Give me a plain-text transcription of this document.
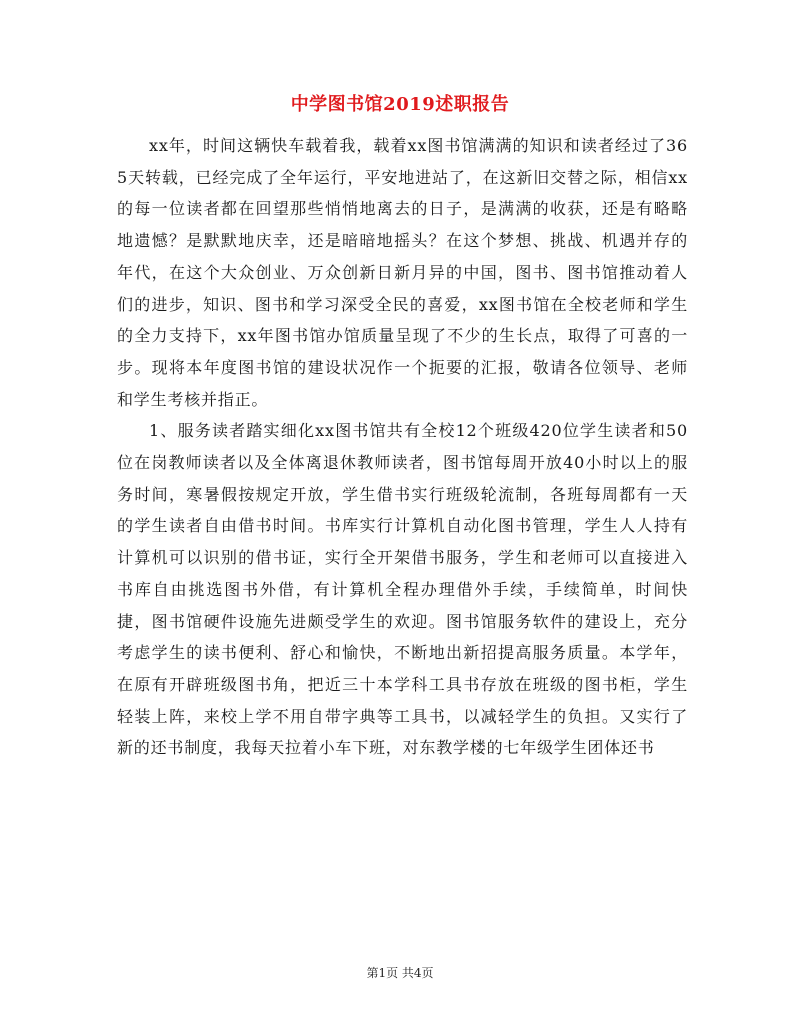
中学图书馆2019述职报告

xx年，时间这辆快车载着我，载着xx图书馆满满的知识和读者经过了365天转载，已经完成了全年运行，平安地进站了，在这新旧交替之际，相信xx的每一位读者都在回望那些悄悄地离去的日子，是满满的收获，还是有略略地遗憾？是默默地庆幸，还是暗暗地摇头？在这个梦想、挑战、机遇并存的年代，在这个大众创业、万众创新日新月异的中国，图书、图书馆推动着人们的进步，知识、图书和学习深受全民的喜爱，xx图书馆在全校老师和学生的全力支持下，xx年图书馆办馆质量呈现了不少的生长点，取得了可喜的一步。现将本年度图书馆的建设状况作一个扼要的汇报，敬请各位领导、老师和学生考核并指正。

1、服务读者踏实细化xx图书馆共有全校12个班级420位学生读者和50位在岗教师读者以及全体离退休教师读者，图书馆每周开放40小时以上的服务时间，寒暑假按规定开放，学生借书实行班级轮流制，各班每周都有一天的学生读者自由借书时间。书库实行计算机自动化图书管理，学生人人持有计算机可以识别的借书证，实行全开架借书服务，学生和老师可以直接进入书库自由挑选图书外借，有计算机全程办理借外手续，手续简单，时间快捷，图书馆硬件设施先进颇受学生的欢迎。图书馆服务软件的建设上，充分考虑学生的读书便利、舒心和愉快，不断地出新招提高服务质量。本学年，在原有开辟班级图书角，把近三十本学科工具书存放在班级的图书柜，学生轻装上阵，来校上学不用自带字典等工具书，以减轻学生的负担。又实行了新的还书制度，我每天拉着小车下班，对东教学楼的七年级学生团体还书

第1页 共4页
